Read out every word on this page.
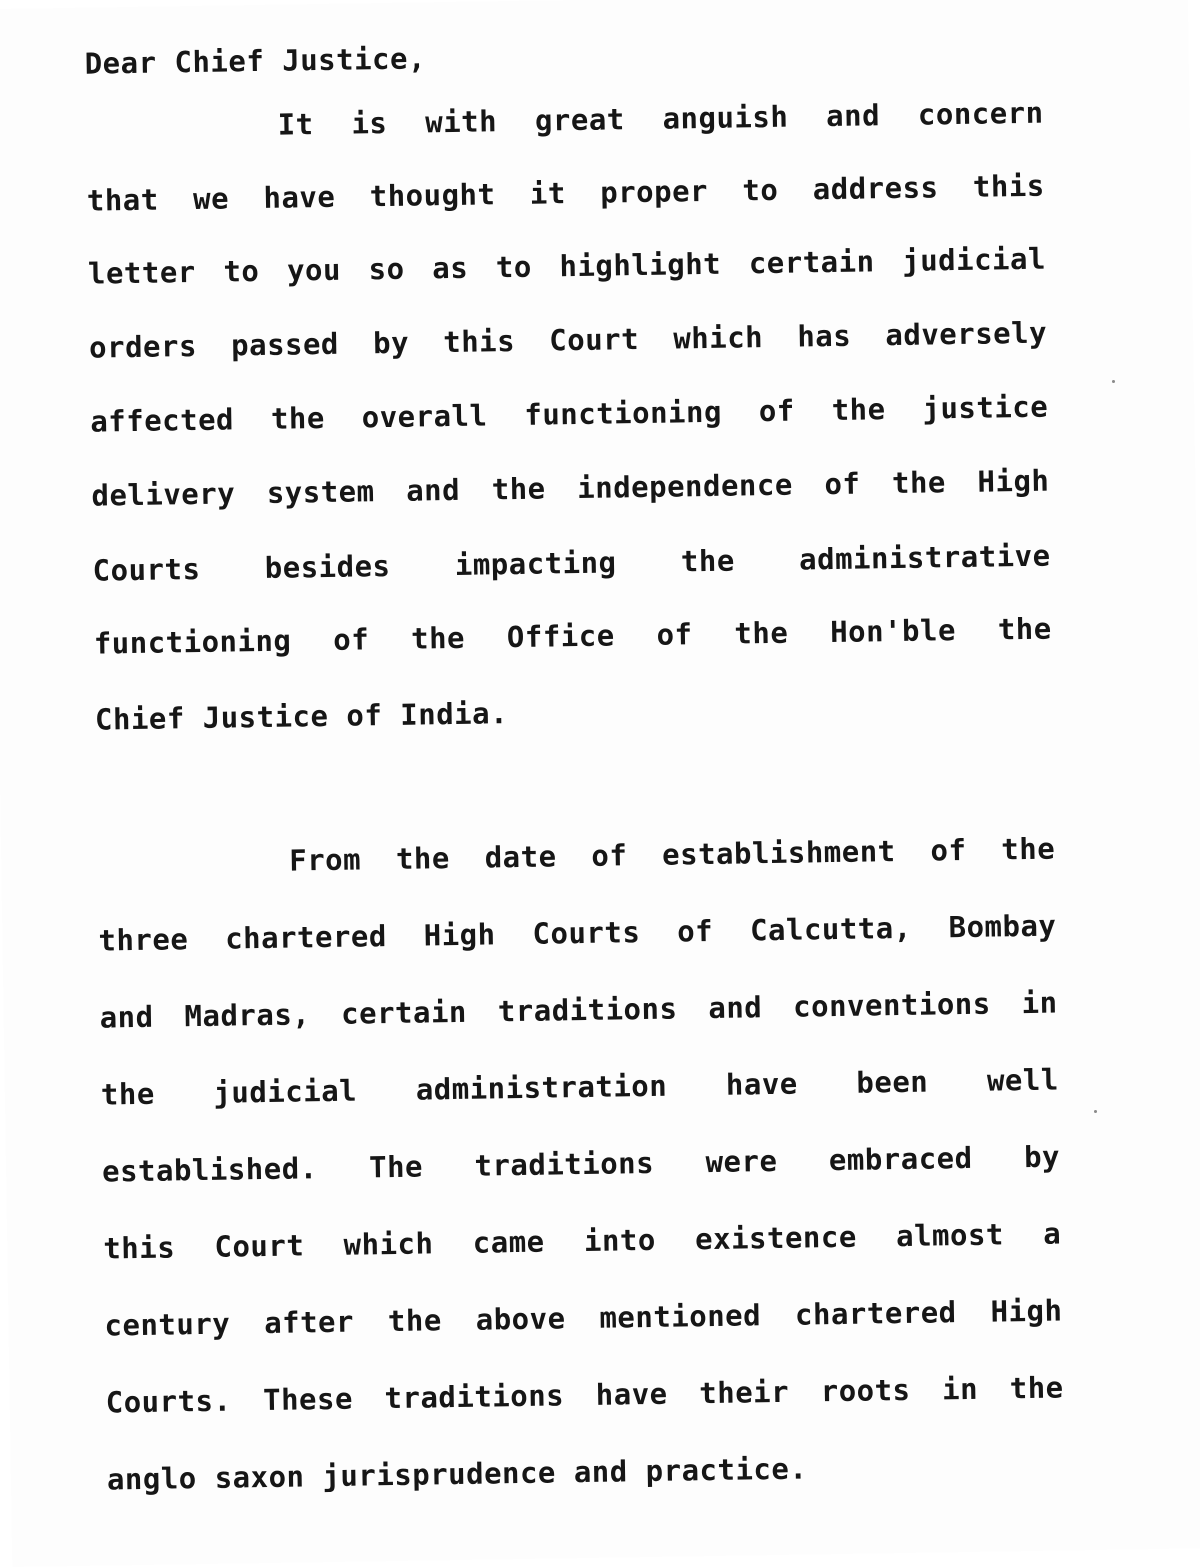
Dear Chief Justice,

It is with great anguish and concern

that we have thought it proper to address this

letter to you so as to highlight certain judicial

orders passed by this Court which has adversely

affected the overall functioning of the justice

delivery system and the independence of the High

Courts besides impacting the administrative

functioning of the Office of the Hon'ble the

Chief Justice of India.

From the date of establishment of the

three chartered High Courts of Calcutta, Bombay

and Madras, certain traditions and conventions in

the judicial administration have been well

established. The traditions were embraced by

this Court which came into existence almost a

century after the above mentioned chartered High

Courts. These traditions have their roots in the

anglo saxon jurisprudence and practice.
